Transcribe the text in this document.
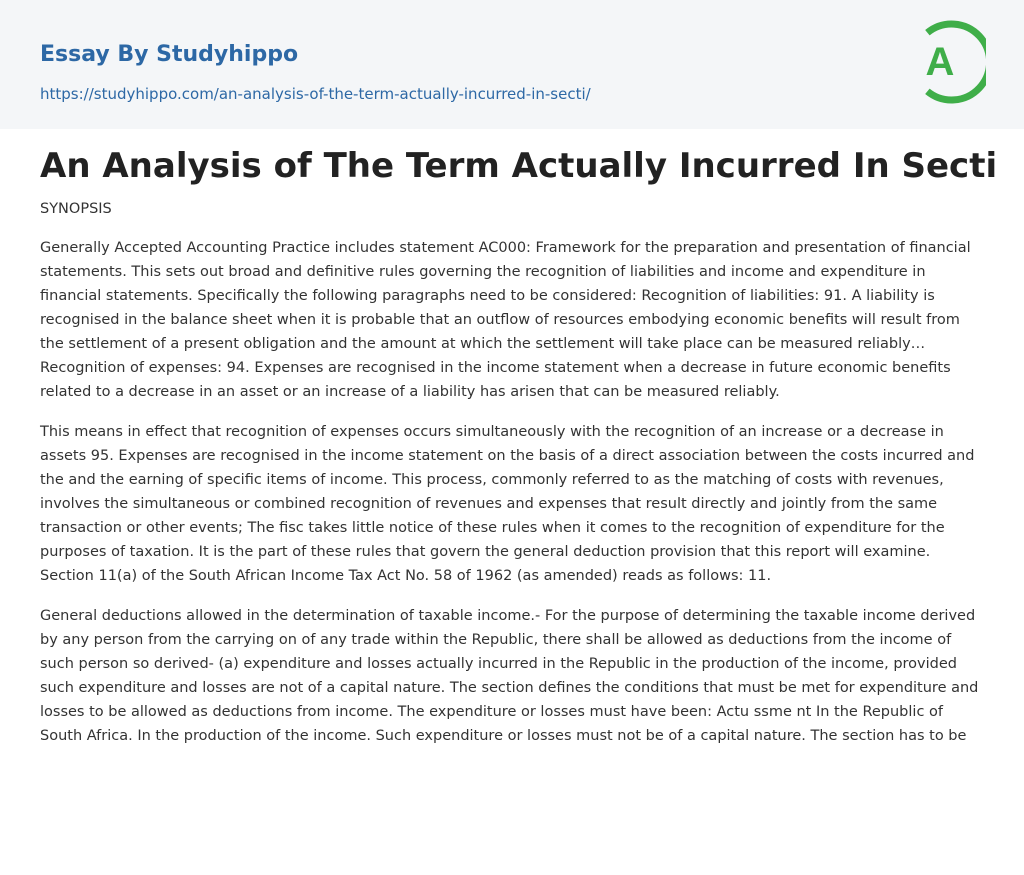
Essay By Studyhippo
https://studyhippo.com/an-analysis-of-the-term-actually-incurred-in-secti/
A
An Analysis of The Term Actually Incurred In Secti
SYNOPSIS

Generally Accepted Accounting Practice includes statement AC000: Framework for the preparation and presentation of financial statements. This sets out broad and definitive rules governing the recognition of liabilities and income and expenditure in financial statements. Specifically the following paragraphs need to be considered: Recognition of liabilities: 91. A liability is recognised in the balance sheet when it is probable that an outflow of resources embodying economic benefits will result from the settlement of a present obligation and the amount at which the settlement will take place can be measured reliably… Recognition of expenses: 94. Expenses are recognised in the income statement when a decrease in future economic benefits related to a decrease in an asset or an increase of a liability has arisen that can be measured reliably.

This means in effect that recognition of expenses occurs simultaneously with the recognition of an increase or a decrease in assets 95. Expenses are recognised in the income statement on the basis of a direct association between the costs incurred and the and the earning of specific items of income. This process, commonly referred to as the matching of costs with revenues, involves the simultaneous or combined recognition of revenues and expenses that result directly and jointly from the same transaction or other events; The fisc takes little notice of these rules when it comes to the recognition of expenditure for the purposes of taxation. It is the part of these rules that govern the general deduction provision that this report will examine. Section 11(a) of the South African Income Tax Act No. 58 of 1962 (as amended) reads as follows: 11.

General deductions allowed in the determination of taxable income.- For the purpose of determining the taxable income derived by any person from the carrying on of any trade within the Republic, there shall be allowed as deductions from the income of such person so derived- (a) expenditure and losses actually incurred in the Republic in the production of the income, provided such expenditure and losses are not of a capital nature. The section defines the conditions that must be met for expenditure and losses to be allowed as deductions from income. The expenditure or losses must have been: Actu ssme nt In the Republic of South Africa. In the production of the income. Such expenditure or losses must not be of a capital nature. The section has to be
